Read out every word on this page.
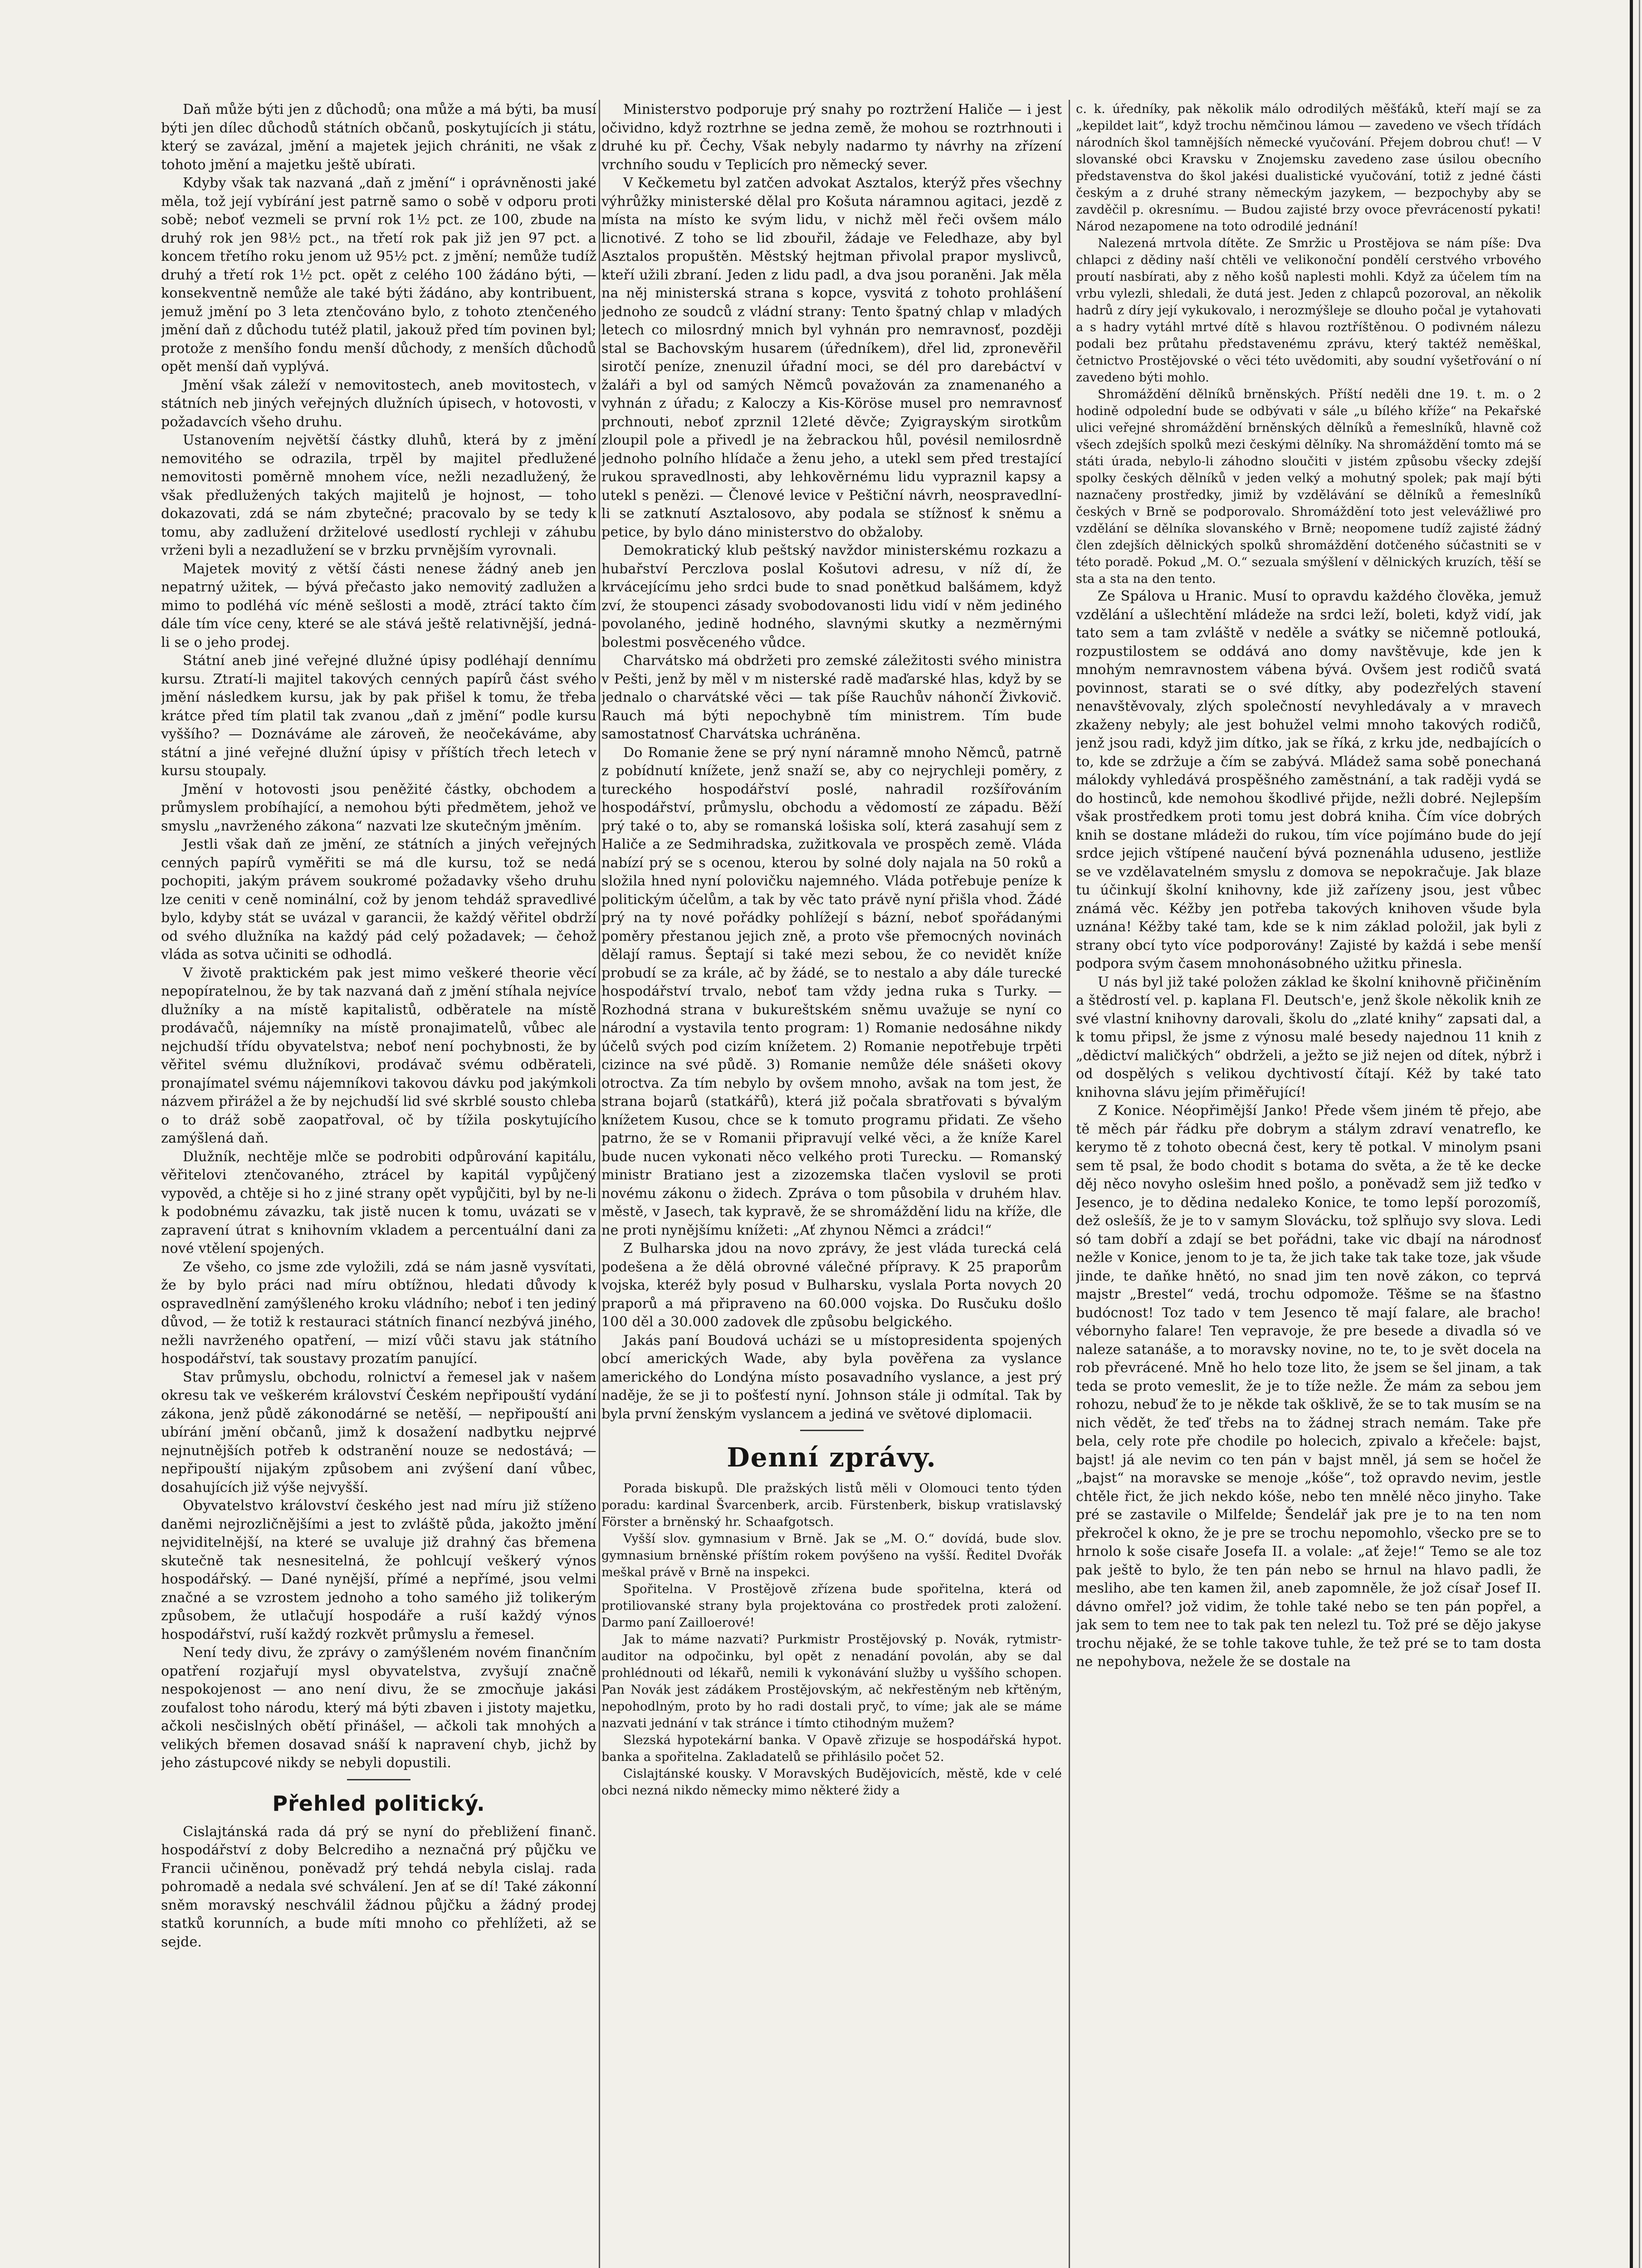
Daň může býti jen z důchodů; ona může a má býti, ba musí býti jen dílec důchodů státních občanů, poskytujících ji státu, který se zavázal, jmění a majetek jejich chrániti, ne však z tohoto jmění a majetku ještě ubírati.

Kdyby však tak nazvaná „daň z jmění“ i oprávněnosti jaké měla, tož její vybírání jest patrně samo o sobě v odporu proti sobě; neboť vezmeli se první rok 1½ pct. ze 100, zbude na druhý rok jen 98½ pct., na třetí rok pak již jen 97 pct. a koncem třetího roku jenom už 95½ pct. z jmění; nemůže tudíž druhý a třetí rok 1½ pct. opět z celého 100 žádáno býti, — konsekventně nemůže ale také býti žádáno, aby kontribuent, jemuž jmění po 3 leta ztenčováno bylo, z tohoto ztenčeného jmění daň z důchodu tutéž platil, jakouž před tím povinen byl; protože z menšího fondu menší důchody, z menších důchodů opět menší daň vyplývá.

Jmění však záleží v nemovitostech, aneb movitostech, v státních neb jiných veřejných dlužních úpisech, v hotovosti, v požadavcích všeho druhu.

Ustanovením největší částky dluhů, která by z jmění nemovitého se odrazila, trpěl by majitel předlužené nemovitosti poměrně mnohem více, nežli nezadlužený, že však předlužených takých majitelů je hojnost, — toho dokazovati, zdá se nám zbytečné; pracovalo by se tedy k tomu, aby zadlužení držitelové usedlostí rychleji v záhubu vrženi byli a nezadlužení se v brzku prvnějším vyrovnali.

Majetek movitý z větší části nenese žádný aneb jen nepatrný užitek, — bývá přečasto jako nemovitý zadlužen a mimo to podléhá víc méně sešlosti a modě, ztrácí takto čím dále tím více ceny, které se ale stává ještě relativnější, jedná-li se o jeho prodej.

Státní aneb jiné veřejné dlužné úpisy podléhají dennímu kursu. Ztratí-li majitel takových cenných papírů část svého jmění následkem kursu, jak by pak přišel k tomu, že třeba krátce před tím platil tak zvanou „daň z jmění“ podle kursu vyššího? — Doznáváme ale zároveň, že neočekáváme, aby státní a jiné veřejné dlužní úpisy v příštích třech letech v kursu stoupaly.

Jmění v hotovosti jsou peněžité částky, obchodem a průmyslem probíhající, a nemohou býti předmětem, jehož ve smyslu „navrženého zákona“ nazvati lze skutečným jměním.

Jestli však daň ze jmění, ze státních a jiných veřejných cenných papírů vyměřiti se má dle kursu, tož se nedá pochopiti, jakým právem soukromé požadavky všeho druhu lze ceniti v ceně nominální, což by jenom tehdáž spravedlivé bylo, kdyby stát se uvázal v garancii, že každý věřitel obdrží od svého dlužníka na každý pád celý požadavek; — čehož vláda as sotva učiniti se odhodlá.

V životě praktickém pak jest mimo veškeré theorie věcí nepopíratelnou, že by tak nazvaná daň z jmění stíhala nejvíce dlužníky a na místě kapitalistů, odběratele na místě prodávačů, nájemníky na místě pronajimatelů, vůbec ale nejchudší třídu obyvatelstva; neboť není pochybnosti, že by věřitel svému dlužníkovi, prodávač svému odběrateli, pronajímatel svému nájemníkovi takovou dávku pod jakýmkoli názvem přirážel a že by nejchudší lid své skrblé sousto chleba o to dráž sobě zaopatřoval, oč by tížila poskytujícího zamýšlená daň.

Dlužník, nechtěje mlče se podrobiti odpůrování kapitálu, věřitelovi ztenčovaného, ztrácel by kapitál vypůjčený vypověd, a chtěje si ho z jiné strany opět vypůjčiti, byl by ne-li k podobnému závazku, tak jistě nucen k tomu, uvázati se v zapravení útrat s knihovním vkladem a percentuální dani za nové vtělení spojených.

Ze všeho, co jsme zde vyložili, zdá se nám jasně vysvítati, že by bylo práci nad míru obtížnou, hledati důvody k ospravedlnění zamýšleného kroku vládního; neboť i ten jediný důvod, — že totiž k restauraci státních financí nezbývá jiného, nežli navrženého opatření, — mizí vůči stavu jak státního hospodářství, tak soustavy prozatím panující.

Stav průmyslu, obchodu, rolnictví a řemesel jak v našem okresu tak ve veškerém království Českém nepřipouští vydání zákona, jenž půdě zákonodárné se netěší, — nepřipouští ani ubírání jmění občanů, jimž k dosažení nadbytku nejprvé nejnutnějších potřeb k odstranění nouze se nedostává; — nepřipouští nijakým způsobem ani zvýšení daní vůbec, dosahujících již výše nejvyšší.

Obyvatelstvo království českého jest nad míru již stíženo daněmi nejrozličnějšími a jest to zvláště půda, jakožto jmění nejviditelnější, na které se uvaluje již drahný čas břemena skutečně tak nesnesitelná, že pohlcují veškerý výnos hospodářský. — Dané nynější, přímé a nepřímé, jsou velmi značné a se vzrostem jednoho a toho samého již tolikerým způsobem, že utlačují hospodáře a ruší každý výnos hospodářství, ruší každý rozkvět průmyslu a řemesel.

Není tedy divu, že zprávy o zamýšleném novém finančním opatření rozjařují mysl obyvatelstva, zvyšují značně nespokojenost — ano není divu, že se zmocňuje jakási zoufalost toho národu, který má býti zbaven i jistoty majetku, ačkoli nesčislných obětí přinášel, — ačkoli tak mnohých a velikých břemen dosavad snáší k napravení chyb, jichž by jeho zástupcové nikdy se nebyli dopustili.

Přehled politický.

Cislajtánská rada dá prý se nyní do přebližení finanč. hospodářství z doby Belcrediho a neznačná prý půjčku ve Francii učiněnou, poněvadž prý tehdá nebyla cislaj. rada pohromadě a nedala své schválení. Jen ať se dí! Také zákonní sněm moravský neschválil žádnou půjčku a žádný prodej statků korunních, a bude míti mnoho co přehlížeti, až se sejde.

Ministerstvo podporuje prý snahy po roztržení Haliče — i jest očividno, když roztrhne se jedna země, že mohou se roztrhnouti i druhé ku př. Čechy, Však nebyly nadarmo ty návrhy na zřízení vrchního soudu v Teplicích pro německý sever.

V Kečkemetu byl zatčen advokat Asztalos, kterýž přes všechny výhrůžky ministerské dělal pro Košuta náramnou agitaci, jezdě z místa na místo ke svým lidu, v nichž měl řeči ovšem málo licnotivé. Z toho se lid zbouřil, žádaje ve Feledhaze, aby byl Asztalos propuštěn. Městský hejtman přivolal prapor myslivců, kteří užili zbraní. Jeden z lidu padl, a dva jsou poraněni. Jak měla na něj ministerská strana s kopce, vysvitá z tohoto prohlášení jednoho ze soudců z vládní strany: Tento špatný chlap v mladých letech co milosrdný mnich byl vyhnán pro nemravnosť, později stal se Bachovským husarem (úředníkem), dřel lid, zpronevěřil sirotčí peníze, znenuzil úřadní moci, se dél pro darebáctví v žaláři a byl od samých Němců považován za znamenaného a vyhnán z úřadu; z Kaloczy a Kis-Köröse musel pro nemravnosť prchnouti, neboť zprznil 12leté děvče; Zyigrayským sirotkům zloupil pole a přivedl je na žebrackou hůl, povésil nemilosrdně jednoho polního hlídače a ženu jeho, a utekl sem před trestající rukou spravedlnosti, aby lehkověrnému lidu vypraznil kapsy a utekl s penězi. — Členové levice v Peštiční návrh, neospravedlní-li se zatknutí Asztalosovo, aby podala se stížnosť k sněmu a petice, by bylo dáno ministerstvo do obžaloby.

Demokratický klub peštský navždor ministerskému rozkazu a hubařství Perczlova poslal Košutovi adresu, v níž dí, že krvácejícímu jeho srdci bude to snad ponětkud balšámem, když zví, že stoupenci zásady svobodovanosti lidu vidí v něm jediného povolaného, jedině hodného, slavnými skutky a nezměrnými bolestmi posvěceného vůdce.

Charvátsko má obdržeti pro zemské záležitosti svého ministra v Pešti, jenž by měl v m nisterské radě maďarské hlas, když by se jednalo o charvátské věci — tak píše Rauchův náhončí Živkovič. Rauch má býti nepochybně tím ministrem. Tím bude samostatnosť Charvátska uchráněna.

Do Romanie žene se prý nyní náramně mnoho Němců, patrně z pobídnutí knížete, jenž snaží se, aby co nejrychleji poměry, z tureckého hospodářství poslé, nahradil rozšířováním hospodářství, průmyslu, obchodu a vědomostí ze západu. Běží prý také o to, aby se romanská lošiska solí, která zasahují sem z Haliče a ze Sedmihradska, zužitkovala ve prospěch země. Vláda nabízí prý se s ocenou, kterou by solné doly najala na 50 roků a složila hned nyní polovičku najemného. Vláda potřebuje peníze k politickým účelům, a tak by věc tato právě nyní přišla vhod. Žádé prý na ty nové pořádky pohlížejí s bázní, neboť spořádanými poměry přestanou jejich zně, a proto vše přemocných novinách dělají ramus. Šeptají si také mezi sebou, že co nevidět kníže probudí se za krále, ač by žádé, se to nestalo a aby dále turecké hospodářství trvalo, neboť tam vždy jedna ruka s Turky. — Rozhodná strana v bukureštském sněmu uvažuje se nyní co národní a vystavila tento program: 1) Romanie nedosáhne nikdy účelů svých pod cizím knížetem. 2) Romanie nepotřebuje trpěti cizince na své půdě. 3) Romanie nemůže déle snášeti okovy otroctva. Za tím nebylo by ovšem mnoho, avšak na tom jest, že strana bojarů (statkářů), která již počala sbratřovati s bývalým knížetem Kusou, chce se k tomuto programu přidati. Ze všeho patrno, že se v Romanii připravují velké věci, a že kníže Karel bude nucen vykonati něco velkého proti Turecku. — Romanský ministr Bratiano jest a zizozemska tlačen vyslovil se proti novému zákonu o židech. Zpráva o tom působila v druhém hlav. městě, v Jasech, tak kypravě, že se shromáždění lidu na kříže, dle ne proti nynějšímu knížeti: „Ať zhynou Němci a zrádci!“

Z Bulharska jdou na novo zprávy, že jest vláda turecká celá podešena a že dělá obrovné válečné přípravy. K 25 praporům vojska, kteréž byly posud v Bulharsku, vyslala Porta novych 20 praporů a má připraveno na 60.000 vojska. Do Rusčuku došlo 100 děl a 30.000 zadovek dle způsobu belgického.

Jakás paní Boudová ucházi se u místopresidenta spojených obcí amerických Wade, aby byla pověřena za vyslance amerického do Londýna místo posavadního vyslance, a jest prý naděje, že se ji to pošťestí nyní. Johnson stále ji odmítal. Tak by byla první ženským vyslancem a jediná ve světové diplomacii.

Denní zprávy.

Porada biskupů. Dle pražských listů měli v Olomouci tento týden poradu: kardinal Švarcenberk, arcib. Fürstenberk, biskup vratislavský Förster a brněnský hr. Schaafgotsch.

Vyšší slov. gymnasium v Brně. Jak se „M. O.“ dovídá, bude slov. gymnasium brněnské příštím rokem povýšeno na vyšší. Ředitel Dvořák meškal právě v Brně na inspekci.

Spořitelna. V Prostějově zřízena bude spořitelna, která od protiliovanské strany byla projektována co prostředek proti založení. Darmo paní Zailloerové!

Jak to máme nazvati? Purkmistr Prostějovský p. Novák, rytmistr-auditor na odpočinku, byl opět z nenadání povolán, aby se dal prohlédnouti od lékařů, nemili k vykonávání služby u vyššího schopen. Pan Novák jest zádákem Prostějovským, ač nekřestěným neb křtěným, nepohodlným, proto by ho radi dostali pryč, to víme; jak ale se máme nazvati jednání v tak stránce i tímto ctihodným mužem?

Slezská hypotekární banka. V Opavě zřizuje se hospodářská hypot. banka a spořitelna. Zakladatelů se přihlásilo počet 52.

Cislajtánské kousky. V Moravských Budějovicích, městě, kde v celé obci nezná nikdo německy mimo některé židy a

c. k. úředníky, pak několik málo odrodilých měšťáků, kteří mají se za „kepildet lait“, když trochu němčinou lámou — zavedeno ve všech třídách národních škol tamnějších německé vyučování. Přejem dobrou chuť! — V slovanské obci Kravsku v Znojemsku zavedeno zase úsilou obecního představenstva do škol jakési dualistické vyučování, totiž z jedné části českým a z druhé strany německým jazykem, — bezpochyby aby se zavděčil p. okresnímu. — Budou zajisté brzy ovoce převráceností pykati! Národ nezapomene na toto odrodilé jednání!

Nalezená mrtvola dítěte. Ze Smržic u Prostějova se nám píše: Dva chlapci z dědiny naší chtěli ve velikonoční pondělí cerstvého vrbového proutí nasbírati, aby z něho košů naplesti mohli. Když za účelem tím na vrbu vylezli, shledali, že dutá jest. Jeden z chlapců pozoroval, an několik hadrů z díry její vykukovalo, i nerozmýšleje se dlouho počal je vytahovati a s hadry vytáhl mrtvé dítě s hlavou roztříštěnou. O podivném nálezu podali bez průtahu představenému zprávu, který taktéž neměškal, četnictvo Prostějovské o věci této uvědomiti, aby soudní vyšetřování o ní zavedeno býti mohlo.

Shromáždění dělníků brněnských. Příští neděli dne 19. t. m. o 2 hodině odpolední bude se odbývati v sále „u bílého kříže“ na Pekařské ulici veřejné shromáždění brněnských dělníků a řemeslníků, hlavně což všech zdejších spolků mezi českými dělníky. Na shromáždění tomto má se státi úrada, nebylo-li záhodno sloučiti v jistém způsobu všecky zdejší spolky českých dělníků v jeden velký a mohutný spolek; pak mají býti naznačeny prostředky, jimiž by vzdělávání se dělníků a řemeslníků českých v Brně se podporovalo. Shromáždění toto jest velevážliwé pro vzdělání se dělníka slovanského v Brně; neopomene tudíž zajisté žádný člen zdejších dělnických spolků shromáždění dotčeného súčastniti se v této poradě. Pokud „M. O.“ sezuala smýšlení v dělnických kruzích, těší se sta a sta na den tento.

Ze Spálova u Hranic. Musí to opravdu každého člověka, jemuž vzdělání a ušlechtění mládeže na srdci leží, boleti, když vidí, jak tato sem a tam zvláště v neděle a svátky se ničemně potlouká, rozpustilostem se oddává ano domy navštěvuje, kde jen k mnohým nemravnostem vábena bývá. Ovšem jest rodičů svatá povinnost, starati se o své dítky, aby podezřelých stavení nenavštěvovaly, zlých společností nevyhledávaly a v mravech zkaženy nebyly; ale jest bohužel velmi mnoho takových rodičů, jenž jsou radi, když jim dítko, jak se říká, z krku jde, nedbajících o to, kde se zdržuje a čím se zabývá. Mládež sama sobě ponechaná málokdy vyhledává prospěšného zaměstnání, a tak raději vydá se do hostinců, kde nemohou škodlivé přijde, nežli dobré. Nejlepším však prostředkem proti tomu jest dobrá kniha. Čím více dobrých knih se dostane mládeži do rukou, tím více pojímáno bude do její srdce jejich vštípené naučení bývá poznenáhla uduseno, jestliže se ve vzdělavatelném smyslu z domova se nepokračuje. Jak blaze tu účinkují školní knihovny, kde již zařízeny jsou, jest vůbec známá věc. Kéžby jen potřeba takových knihoven všude byla uznána! Kéžby také tam, kde se k nim základ položil, jak byli z strany obcí tyto více podporovány! Zajisté by každá i sebe menší podpora svým časem mnohonásobného užitku přinesla.

U nás byl již také položen základ ke školní knihovně přičiněním a štědrostí vel. p. kaplana Fl. Deutsch'e, jenž škole několik knih ze své vlastní knihovny darovali, školu do „zlaté knihy“ zapsati dal, a k tomu připsl, že jsme z výnosu malé besedy najednou 11 knih z „dědictví maličkých“ obdrželi, a ježto se již nejen od dítek, nýbrž i od dospělých s velikou dychtivostí čítají. Kéž by také tato knihovna slávu jejím přiměřující!

Z Konice. Néopřimější Janko! Přede všem jiném tě přejo, abe tě měch pár řádku pře dobrym a stálym zdraví venatreflo, ke kerymo tě z tohoto obecná čest, kery tě potkal. V minolym psani sem tě psal, že bodo chodit s botama do světa, a že tě ke decke děj něco novyho oslešim hned pošlo, a poněvadž sem již teďko v Jesenco, je to dědina nedaleko Konice, te tomo lepší porozomíš, dež oslešíš, že je to v samym Slovácku, tož splňujo svy slova. Ledi só tam dobří a zdají se bet pořádni, take vic dbají na národnosť nežle v Konice, jenom to je ta, že jich take tak take toze, jak všude jinde, te daňke hnětó, no snad jim ten nově zákon, co teprvá majstr „Brestel“ vedá, trochu odpomože. Těšme se na šťastno budócnost! Toz tado v tem Jesenco tě mají falare, ale bracho! vébornyho falare! Ten vepravoje, že pre besede a divadla só ve naleze satanáše, a to moravsky novine, no te, to je svět docela na rob převrácené. Mně ho helo toze lito, že jsem se šel jinam, a tak teda se proto vemeslit, že je to tíže nežle. Že mám za sebou jem rohozu, nebuď že to je někde tak ošklivě, že se to tak musím se na nich vědět, že teď třebs na to žádnej strach nemám. Take pře bela, cely rote pře chodile po holecich, zpivalo a křečele: bajst, bajst! já ale nevim co ten pán v bajst mněl, já sem se hočel že „bajst“ na moravske se menoje „kóše“, tož opravdo nevim, jestle chtěle řict, že jich nekdo kóše, nebo ten mnělé něco jinyho. Take pré se zastavile o Milfelde; Šendelář jak pre je to na ten nom překročel k okno, že je pre se trochu nepomohlo, všecko pre se to hrnolo k soše cisaře Josefa II. a volale: „ať žeje!“ Temo se ale toz pak ještě to bylo, že ten pán nebo se hrnul na hlavo padli, že mesliho, abe ten kamen žil, aneb zapomněle, že jož císař Josef II. dávno omřel? jož vidim, že tohle také nebo se ten pán popřel, a jak sem to tem nee to tak pak ten nelezl tu. Tož pré se dějo jakyse trochu nějaké, že se tohle takove tuhle, že tež pré se to tam dosta ne nepohybova, nežele že se dostale na
